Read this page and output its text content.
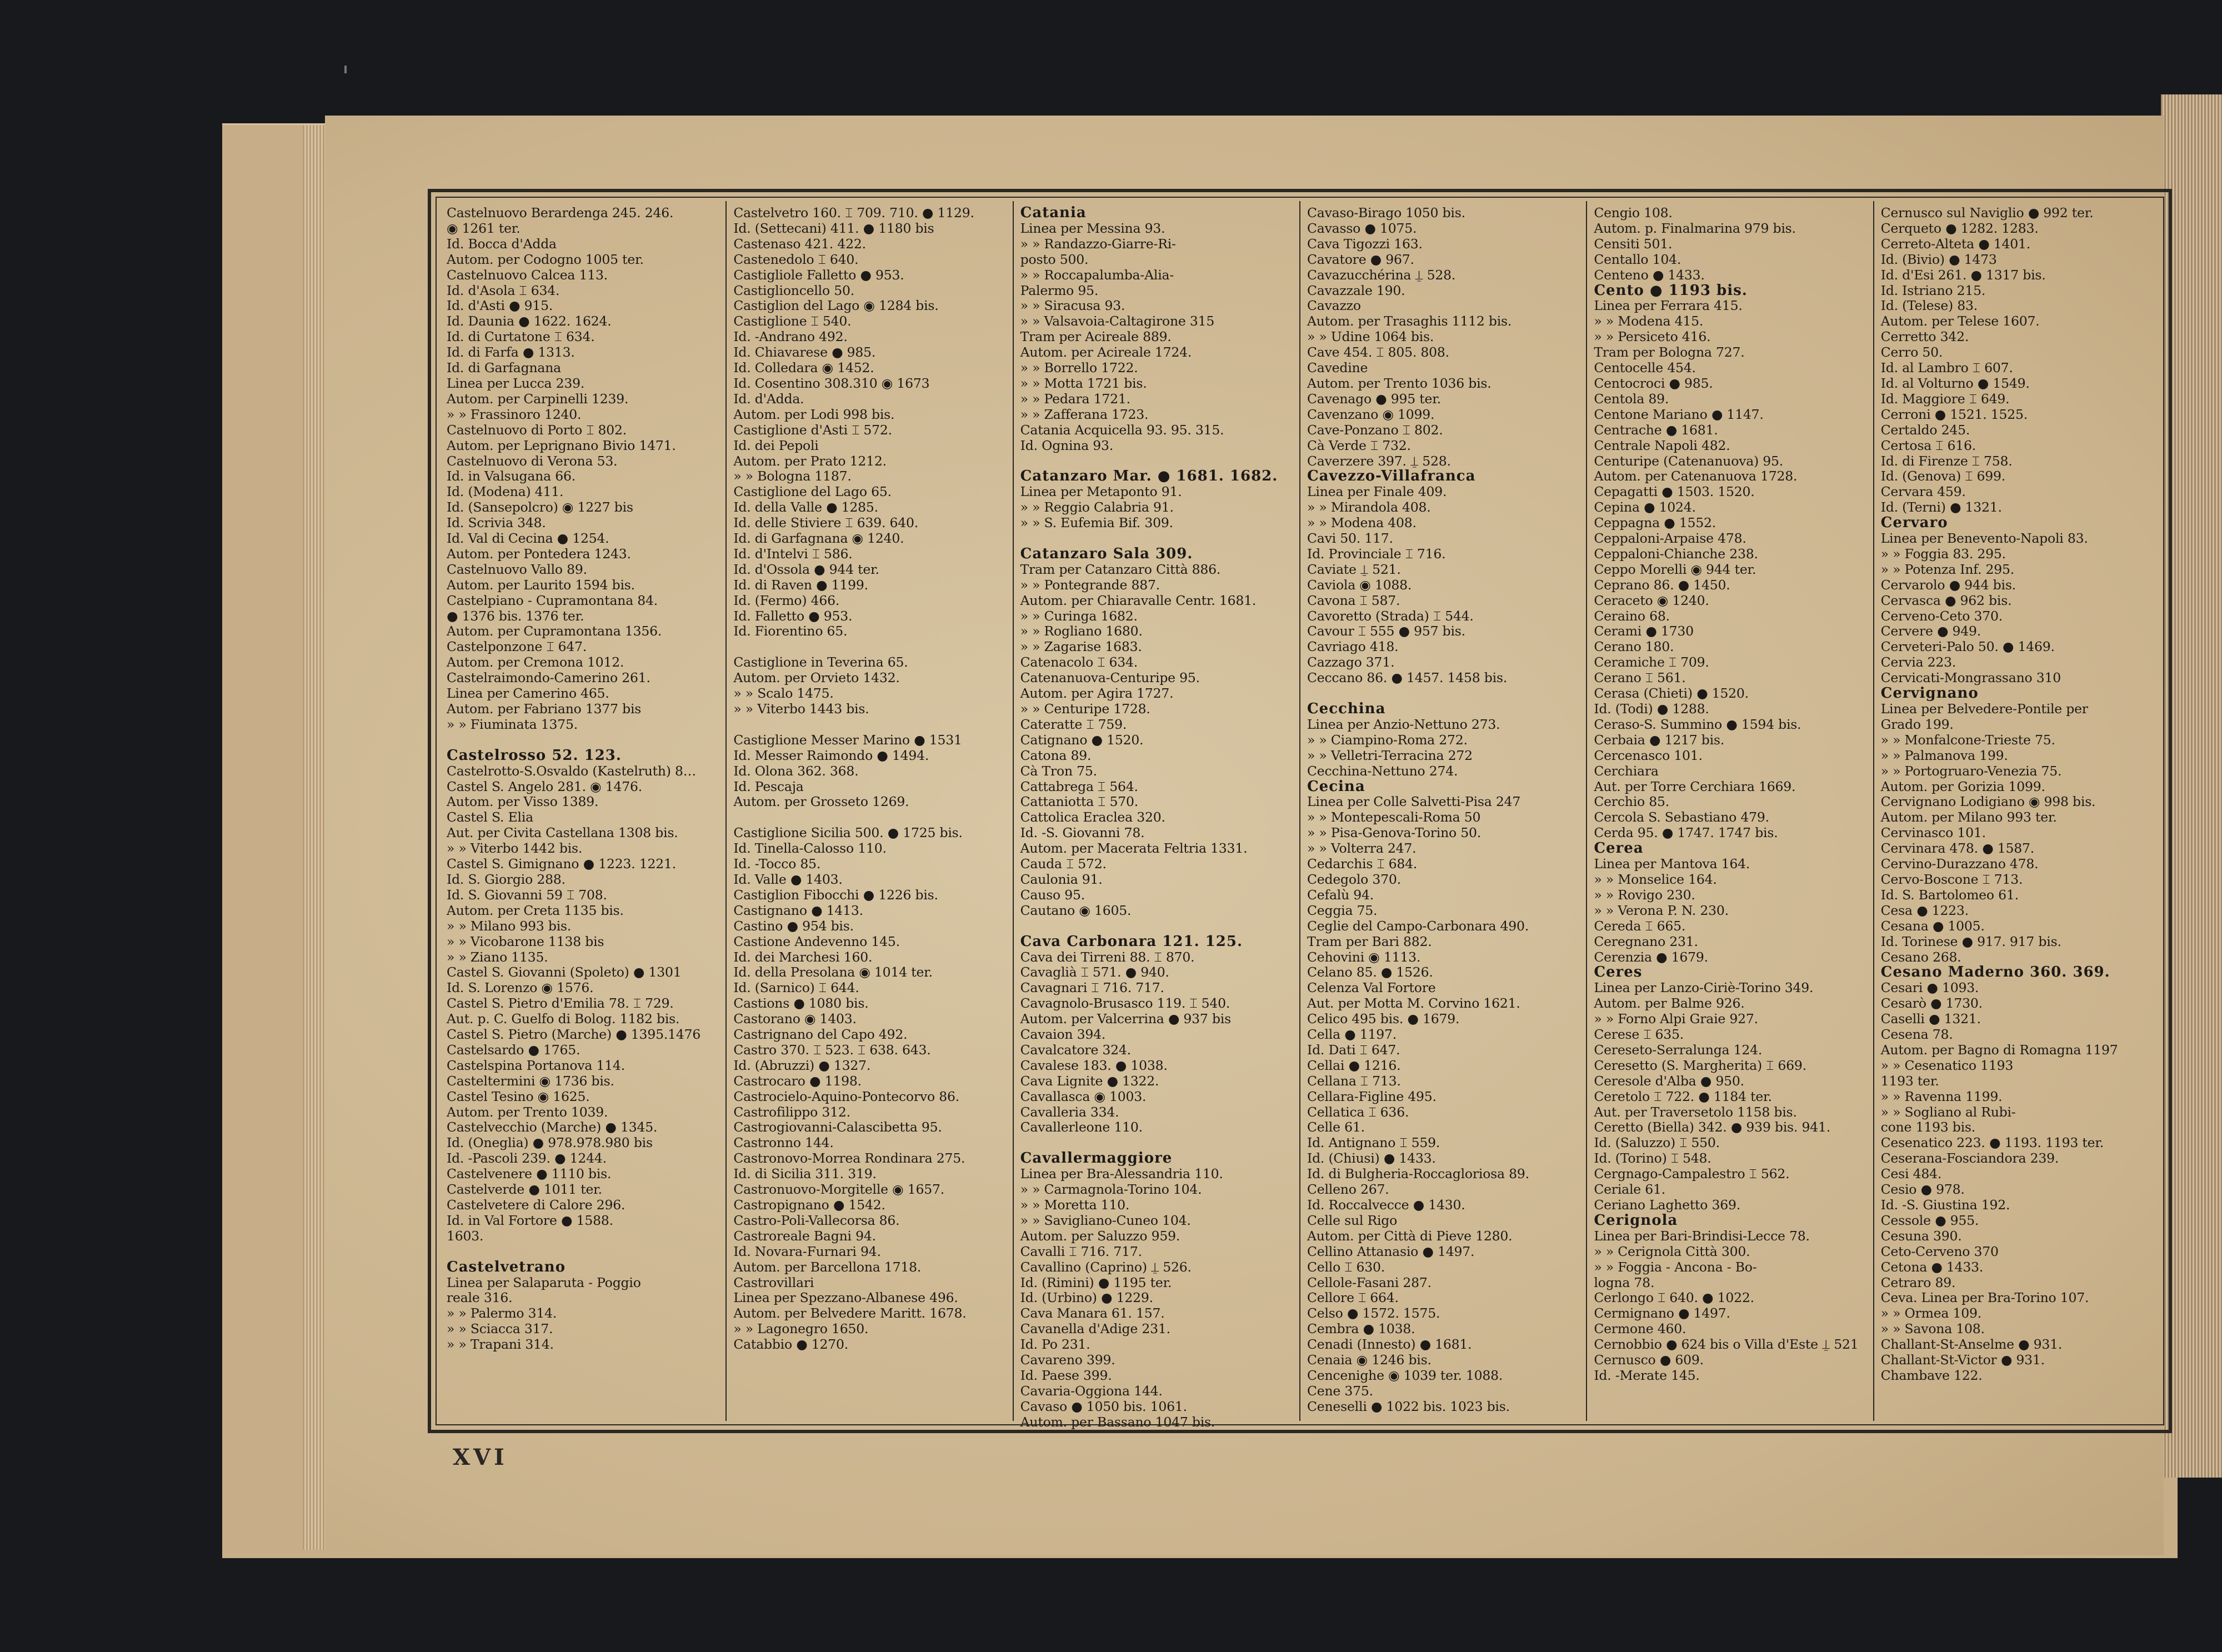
Castelnuovo Berardenga 245. 246.
◉ 1261 ter.
Id. Bocca d'Adda
Autom. per Codogno 1005 ter.
Castelnuovo Calcea 113.
Id. d'Asola ⌶ 634.
Id. d'Asti ● 915.
Id. Daunia ● 1622. 1624.
Id. di Curtatone ⌶ 634.
Id. di Farfa ● 1313.
Id. di Garfagnana
Linea per Lucca 239.
Autom. per Carpinelli 1239.
» » Frassinoro 1240.
Castelnuovo di Porto ⌶ 802.
Autom. per Leprignano Bivio 1471.
Castelnuovo di Verona 53.
Id. in Valsugana 66.
Id. (Modena) 411.
Id. (Sansepolcro) ◉ 1227 bis
Id. Scrivia 348.
Id. Val di Cecina ● 1254.
Autom. per Pontedera 1243.
Castelnuovo Vallo 89.
Autom. per Laurito 1594 bis.
Castelpiano - Cupramontana 84.
● 1376 bis. 1376 ter.
Autom. per Cupramontana 1356.
Castelponzone ⌶ 647.
Autom. per Cremona 1012.
Castelraimondo-Camerino 261.
Linea per Camerino 465.
Autom. per Fabriano 1377 bis
» » Fiuminata 1375.

Castelrosso 52. 123.
Castelrotto-S.Osvaldo (Kastelruth) 8…
Castel S. Angelo 281. ◉ 1476.
Autom. per Visso 1389.
Castel S. Elia
Aut. per Civita Castellana 1308 bis.
» » Viterbo 1442 bis.
Castel S. Gimignano ● 1223. 1221.
Id. S. Giorgio 288.
Id. S. Giovanni 59 ⌶ 708.
Autom. per Creta 1135 bis.
» » Milano 993 bis.
» » Vicobarone 1138 bis
» » Ziano 1135.
Castel S. Giovanni (Spoleto) ● 1301
Id. S. Lorenzo ◉ 1576.
Castel S. Pietro d'Emilia 78. ⌶ 729.
Aut. p. C. Guelfo di Bolog. 1182 bis.
Castel S. Pietro (Marche) ● 1395.1476
Castelsardo ● 1765.
Castelspina Portanova 114.
Casteltermini ◉ 1736 bis.
Castel Tesino ◉ 1625.
Autom. per Trento 1039.
Castelvecchio (Marche) ● 1345.
Id. (Oneglia) ● 978.978.980 bis
Id. -Pascoli 239. ● 1244.
Castelvenere ● 1110 bis.
Castelverde ● 1011 ter.
Castelvetere di Calore 296.
Id. in Val Fortore ● 1588.
1603.

Castelvetrano
Linea per Salaparuta - Poggio
reale 316.
» » Palermo 314.
» » Sciacca 317.
» » Trapani 314.
Castelvetro 160. ⌶ 709. 710. ● 1129.
Id. (Settecani) 411. ● 1180 bis
Castenaso 421. 422.
Castenedolo ⌶ 640.
Castigliole Falletto ● 953.
Castiglioncello 50.
Castiglion del Lago ◉ 1284 bis.
Castiglione ⌶ 540.
Id. -Andrano 492.
Id. Chiavarese ● 985.
Id. Colledara ◉ 1452.
Id. Cosentino 308.310 ◉ 1673
Id. d'Adda.
Autom. per Lodi 998 bis.
Castiglione d'Asti ⌶ 572.
Id. dei Pepoli
Autom. per Prato 1212.
» » Bologna 1187.
Castiglione del Lago 65.
Id. della Valle ● 1285.
Id. delle Stiviere ⌶ 639. 640.
Id. di Garfagnana ◉ 1240.
Id. d'Intelvi ⌶ 586.
Id. d'Ossola ● 944 ter.
Id. di Raven ● 1199.
Id. (Fermo) 466.
Id. Falletto ● 953.
Id. Fiorentino 65.

Castiglione in Teverina 65.
Autom. per Orvieto 1432.
» » Scalo 1475.
» » Viterbo 1443 bis.

Castiglione Messer Marino ● 1531
Id. Messer Raimondo ● 1494.
Id. Olona 362. 368.
Id. Pescaja
Autom. per Grosseto 1269.

Castiglione Sicilia 500. ● 1725 bis.
Id. Tinella-Calosso 110.
Id. -Tocco 85.
Id. Valle ● 1403.
Castiglion Fibocchi ● 1226 bis.
Castignano ● 1413.
Castino ● 954 bis.
Castione Andevenno 145.
Id. dei Marchesi 160.
Id. della Presolana ◉ 1014 ter.
Id. (Sarnico) ⌶ 644.
Castions ● 1080 bis.
Castorano ◉ 1403.
Castrignano del Capo 492.
Castro 370. ⌶ 523. ⌶ 638. 643.
Id. (Abruzzi) ● 1327.
Castrocaro ● 1198.
Castrocielo-Aquino-Pontecorvo 86.
Castrofilippo 312.
Castrogiovanni-Calascibetta 95.
Castronno 144.
Castronovo-Morrea Rondinara 275.
Id. di Sicilia 311. 319.
Castronuovo-Morgitelle ◉ 1657.
Castropignano ● 1542.
Castro-Poli-Vallecorsa 86.
Castroreale Bagni 94.
Id. Novara-Furnari 94.
Autom. per Barcellona 1718.
Castrovillari
Linea per Spezzano-Albanese 496.
Autom. per Belvedere Maritt. 1678.
» » Lagonegro 1650.
Catabbio ● 1270.
Catania
Linea per Messina 93.
» » Randazzo-Giarre-Ri-
posto 500.
» » Roccapalumba-Alia-
Palermo 95.
» » Siracusa 93.
» » Valsavoia-Caltagirone 315
Tram per Acireale 889.
Autom. per Acireale 1724.
» » Borrello 1722.
» » Motta 1721 bis.
» » Pedara 1721.
» » Zafferana 1723.
Catania Acquicella 93. 95. 315.
Id. Ognina 93.

Catanzaro Mar. ● 1681. 1682.
Linea per Metaponto 91.
» » Reggio Calabria 91.
» » S. Eufemia Bif. 309.

Catanzaro Sala 309.
Tram per Catanzaro Città 886.
» » Pontegrande 887.
Autom. per Chiaravalle Centr. 1681.
» » Curinga 1682.
» » Rogliano 1680.
» » Zagarise 1683.
Catenacolo ⌶ 634.
Catenanuova-Centuripe 95.
Autom. per Agira 1727.
» » Centuripe 1728.
Cateratte ⌶ 759.
Catignano ● 1520.
Catona 89.
Cà Tron 75.
Cattabrega ⌶ 564.
Cattaniotta ⌶ 570.
Cattolica Eraclea 320.
Id. -S. Giovanni 78.
Autom. per Macerata Feltria 1331.
Cauda ⌶ 572.
Caulonia 91.
Causo 95.
Cautano ◉ 1605.

Cava Carbonara 121. 125.
Cava dei Tirreni 88. ⌶ 870.
Cavaglià ⌶ 571. ● 940.
Cavagnari ⌶ 716. 717.
Cavagnolo-Brusasco 119. ⌶ 540.
Autom. per Valcerrina ● 937 bis
Cavaion 394.
Cavalcatore 324.
Cavalese 183. ● 1038.
Cava Lignite ● 1322.
Cavallasca ◉ 1003.
Cavalleria 334.
Cavallerleone 110.

Cavallermaggiore
Linea per Bra-Alessandria 110.
» » Carmagnola-Torino 104.
» » Moretta 110.
» » Savigliano-Cuneo 104.
Autom. per Saluzzo 959.
Cavalli ⌶ 716. 717.
Cavallino (Caprino) ⍊ 526.
Id. (Rimini) ● 1195 ter.
Id. (Urbino) ● 1229.
Cava Manara 61. 157.
Cavanella d'Adige 231.
Id. Po 231.
Cavareno 399.
Id. Paese 399.
Cavaria-Oggiona 144.
Cavaso ● 1050 bis. 1061.
Autom. per Bassano 1047 bis.
Cavaso-Birago 1050 bis.
Cavasso ● 1075.
Cava Tigozzi 163.
Cavatore ● 967.
Cavazucchérina ⍊ 528.
Cavazzale 190.
Cavazzo
Autom. per Trasaghis 1112 bis.
» » Udine 1064 bis.
Cave 454. ⌶ 805. 808.
Cavedine
Autom. per Trento 1036 bis.
Cavenago ● 995 ter.
Cavenzano ◉ 1099.
Cave-Ponzano ⌶ 802.
Cà Verde ⌶ 732.
Caverzere 397. ⍊ 528.
Cavezzo-Villafranca
Linea per Finale 409.
» » Mirandola 408.
» » Modena 408.
Cavi 50. 117.
Id. Provinciale ⌶ 716.
Caviate ⍊ 521.
Caviola ◉ 1088.
Cavona ⌶ 587.
Cavoretto (Strada) ⌶ 544.
Cavour ⌶ 555 ● 957 bis.
Cavriago 418.
Cazzago 371.
Ceccano 86. ● 1457. 1458 bis.

Cecchina
Linea per Anzio-Nettuno 273.
» » Ciampino-Roma 272.
» » Velletri-Terracina 272
Cecchina-Nettuno 274.
Cecina
Linea per Colle Salvetti-Pisa 247
» » Montepescali-Roma 50
» » Pisa-Genova-Torino 50.
» » Volterra 247.
Cedarchis ⌶ 684.
Cedegolo 370.
Cefalù 94.
Ceggia 75.
Ceglie del Campo-Carbonara 490.
Tram per Bari 882.
Cehovini ◉ 1113.
Celano 85. ● 1526.
Celenza Val Fortore
Aut. per Motta M. Corvino 1621.
Celico 495 bis. ● 1679.
Cella ● 1197.
Id. Dati ⌶ 647.
Cellai ● 1216.
Cellana ⌶ 713.
Cellara-Figline 495.
Cellatica ⌶ 636.
Celle 61.
Id. Antignano ⌶ 559.
Id. (Chiusi) ● 1433.
Id. di Bulgheria-Roccagloriosa 89.
Celleno 267.
Id. Roccalvecce ● 1430.
Celle sul Rigo
Autom. per Città di Pieve 1280.
Cellino Attanasio ● 1497.
Cello ⌶ 630.
Cellole-Fasani 287.
Cellore ⌶ 664.
Celso ● 1572. 1575.
Cembra ● 1038.
Cenadi (Innesto) ● 1681.
Cenaia ◉ 1246 bis.
Cencenighe ◉ 1039 ter. 1088.
Cene 375.
Ceneselli ● 1022 bis. 1023 bis.
Cengio 108.
Autom. p. Finalmarina 979 bis.
Censiti 501.
Centallo 104.
Centeno ● 1433.
Cento ● 1193 bis.
Linea per Ferrara 415.
» » Modena 415.
» » Persiceto 416.
Tram per Bologna 727.
Centocelle 454.
Centocroci ● 985.
Centola 89.
Centone Mariano ● 1147.
Centrache ● 1681.
Centrale Napoli 482.
Centuripe (Catenanuova) 95.
Autom. per Catenanuova 1728.
Cepagatti ● 1503. 1520.
Cepina ● 1024.
Ceppagna ● 1552.
Ceppaloni-Arpaise 478.
Ceppaloni-Chianche 238.
Ceppo Morelli ◉ 944 ter.
Ceprano 86. ● 1450.
Ceraceto ◉ 1240.
Ceraino 68.
Cerami ● 1730
Cerano 180.
Ceramiche ⌶ 709.
Cerano ⌶ 561.
Cerasa (Chieti) ● 1520.
Id. (Todi) ● 1288.
Ceraso-S. Summino ● 1594 bis.
Cerbaia ● 1217 bis.
Cercenasco 101.
Cerchiara
Aut. per Torre Cerchiara 1669.
Cerchio 85.
Cercola S. Sebastiano 479.
Cerda 95. ● 1747. 1747 bis.
Cerea
Linea per Mantova 164.
» » Monselice 164.
» » Rovigo 230.
» » Verona P. N. 230.
Cereda ⌶ 665.
Ceregnano 231.
Cerenzia ● 1679.
Ceres
Linea per Lanzo-Ciriè-Torino 349.
Autom. per Balme 926.
» » Forno Alpi Graie 927.
Cerese ⌶ 635.
Cereseto-Serralunga 124.
Ceresetto (S. Margherita) ⌶ 669.
Ceresole d'Alba ● 950.
Ceretolo ⌶ 722. ● 1184 ter.
Aut. per Traversetolo 1158 bis.
Ceretto (Biella) 342. ● 939 bis. 941.
Id. (Saluzzo) ⌶ 550.
Id. (Torino) ⌶ 548.
Cergnago-Campalestro ⌶ 562.
Ceriale 61.
Ceriano Laghetto 369.
Cerignola
Linea per Bari-Brindisi-Lecce 78.
» » Cerignola Città 300.
» » Foggia - Ancona - Bo-
logna 78.
Cerlongo ⌶ 640. ● 1022.
Cermignano ● 1497.
Cermone 460.
Cernobbio ● 624 bis o Villa d'Este ⍊ 521
Cernusco ● 609.
Id. -Merate 145.
Cernusco sul Naviglio ● 992 ter.
Cerqueto ● 1282. 1283.
Cerreto-Alteta ● 1401.
Id. (Bivio) ● 1473
Id. d'Esi 261. ● 1317 bis.
Id. Istriano 215.
Id. (Telese) 83.
Autom. per Telese 1607.
Cerretto 342.
Cerro 50.
Id. al Lambro ⌶ 607.
Id. al Volturno ● 1549.
Id. Maggiore ⌶ 649.
Cerroni ● 1521. 1525.
Certaldo 245.
Certosa ⌶ 616.
Id. di Firenze ⌶ 758.
Id. (Genova) ⌶ 699.
Cervara 459.
Id. (Terni) ● 1321.
Cervaro
Linea per Benevento-Napoli 83.
» » Foggia 83. 295.
» » Potenza Inf. 295.
Cervarolo ● 944 bis.
Cervasca ● 962 bis.
Cerveno-Ceto 370.
Cervere ● 949.
Cerveteri-Palo 50. ● 1469.
Cervia 223.
Cervicati-Mongrassano 310
Cervignano
Linea per Belvedere-Pontile per
Grado 199.
» » Monfalcone-Trieste 75.
» » Palmanova 199.
» » Portogruaro-Venezia 75.
Autom. per Gorizia 1099.
Cervignano Lodigiano ◉ 998 bis.
Autom. per Milano 993 ter.
Cervinasco 101.
Cervinara 478. ● 1587.
Cervino-Durazzano 478.
Cervo-Boscone ⌶ 713.
Id. S. Bartolomeo 61.
Cesa ● 1223.
Cesana ● 1005.
Id. Torinese ● 917. 917 bis.
Cesano 268.
Cesano Maderno 360. 369.
Cesari ● 1093.
Cesarò ● 1730.
Caselli ● 1321.
Cesena 78.
Autom. per Bagno di Romagna 1197
» » Cesenatico 1193
1193 ter.
» » Ravenna 1199.
» » Sogliano al Rubi-
cone 1193 bis.
Cesenatico 223. ● 1193. 1193 ter.
Ceserana-Fosciandora 239.
Cesi 484.
Cesio ● 978.
Id. -S. Giustina 192.
Cessole ● 955.
Cesuna 390.
Ceto-Cerveno 370
Cetona ● 1433.
Cetraro 89.
Ceva. Linea per Bra-Torino 107.
» » Ormea 109.
» » Savona 108.
Challant-St-Anselme ● 931.
Challant-St-Victor ● 931.
Chambave 122.
XVI
